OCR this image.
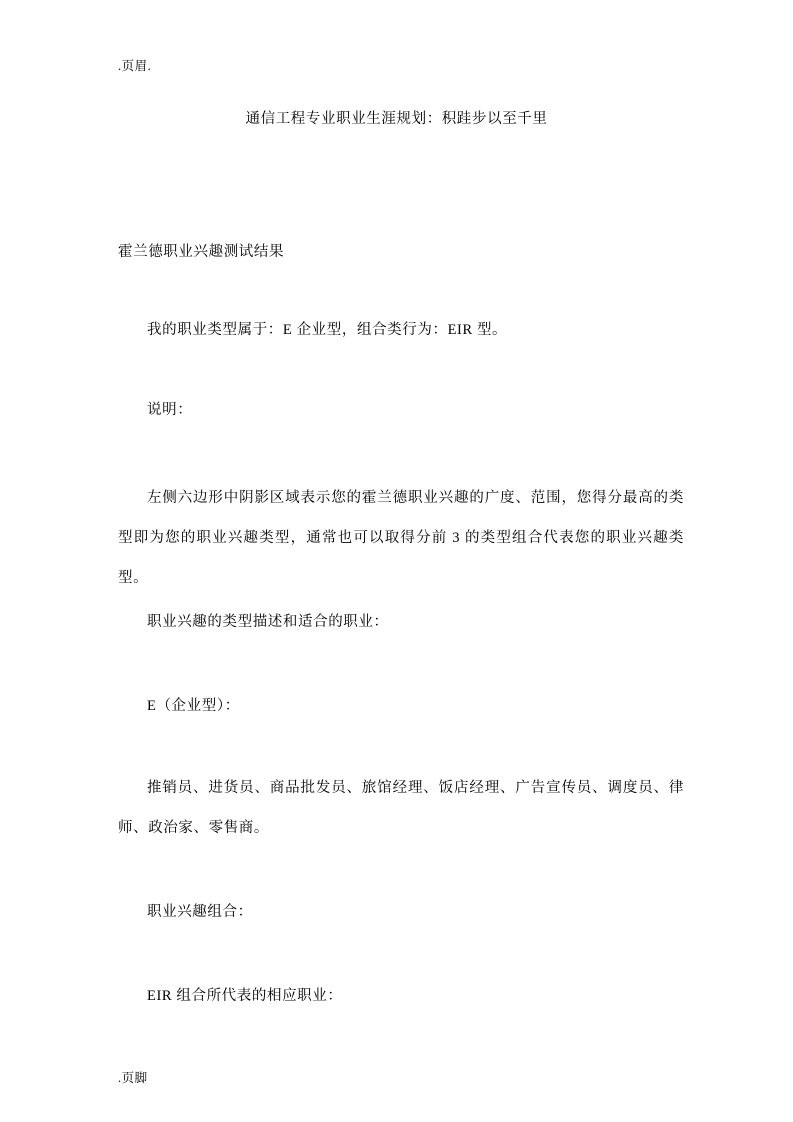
.页眉.
通信工程专业职业生涯规划：积跬步以至千里
霍兰德职业兴趣测试结果
我的职业类型属于：E 企业型，组合类行为：EIR 型。
说明：
左侧六边形中阴影区域表示您的霍兰德职业兴趣的广度、范围，您得分最高的类型即为您的职业兴趣类型，通常也可以取得分前 3 的类型组合代表您的职业兴趣类型。
职业兴趣的类型描述和适合的职业：
E（企业型）：
推销员、进货员、商品批发员、旅馆经理、饭店经理、广告宣传员、调度员、律师、政治家、零售商。
职业兴趣组合：
EIR 组合所代表的相应职业：
.页脚
